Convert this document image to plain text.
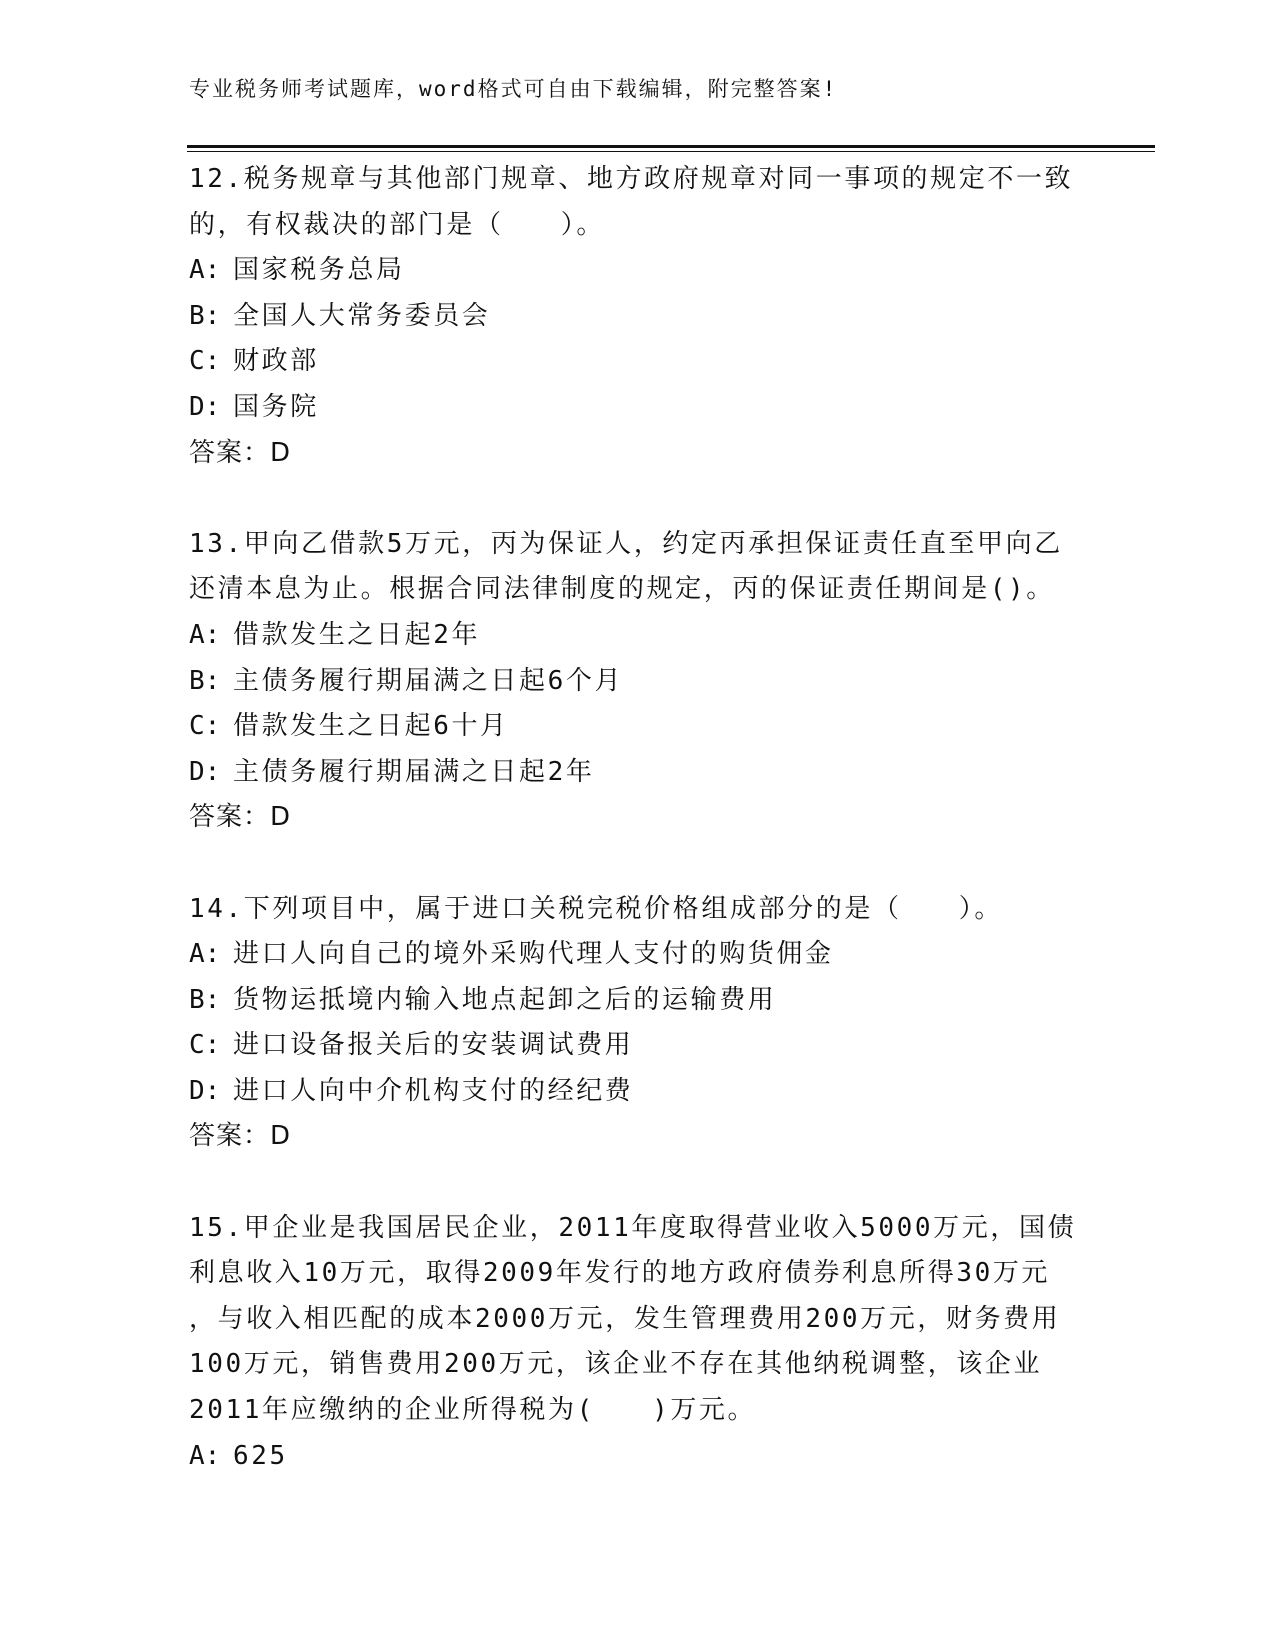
专业税务师考试题库，word格式可自由下载编辑，附完整答案!
12.税务规章与其他部门规章、地方政府规章对同一事项的规定不一致
的，有权裁决的部门是（　　）。
A: 国家税务总局
B: 全国人大常务委员会
C: 财政部
D: 国务院
答案：D
13.甲向乙借款5万元，丙为保证人，约定丙承担保证责任直至甲向乙
还清本息为止。根据合同法律制度的规定，丙的保证责任期间是()。
A: 借款发生之日起2年
B: 主债务履行期届满之日起6个月
C: 借款发生之日起6十月
D: 主债务履行期届满之日起2年
答案：D
14.下列项目中，属于进口关税完税价格组成部分的是（　　）。
A: 进口人向自己的境外采购代理人支付的购货佣金
B: 货物运抵境内输入地点起卸之后的运输费用
C: 进口设备报关后的安装调试费用
D: 进口人向中介机构支付的经纪费
答案：D
15.甲企业是我国居民企业，2011年度取得营业收入5000万元，国债
利息收入10万元，取得2009年发行的地方政府债券利息所得30万元
，与收入相匹配的成本2000万元，发生管理费用200万元，财务费用
100万元，销售费用200万元，该企业不存在其他纳税调整，该企业
2011年应缴纳的企业所得税为(　　)万元。
A: 625
